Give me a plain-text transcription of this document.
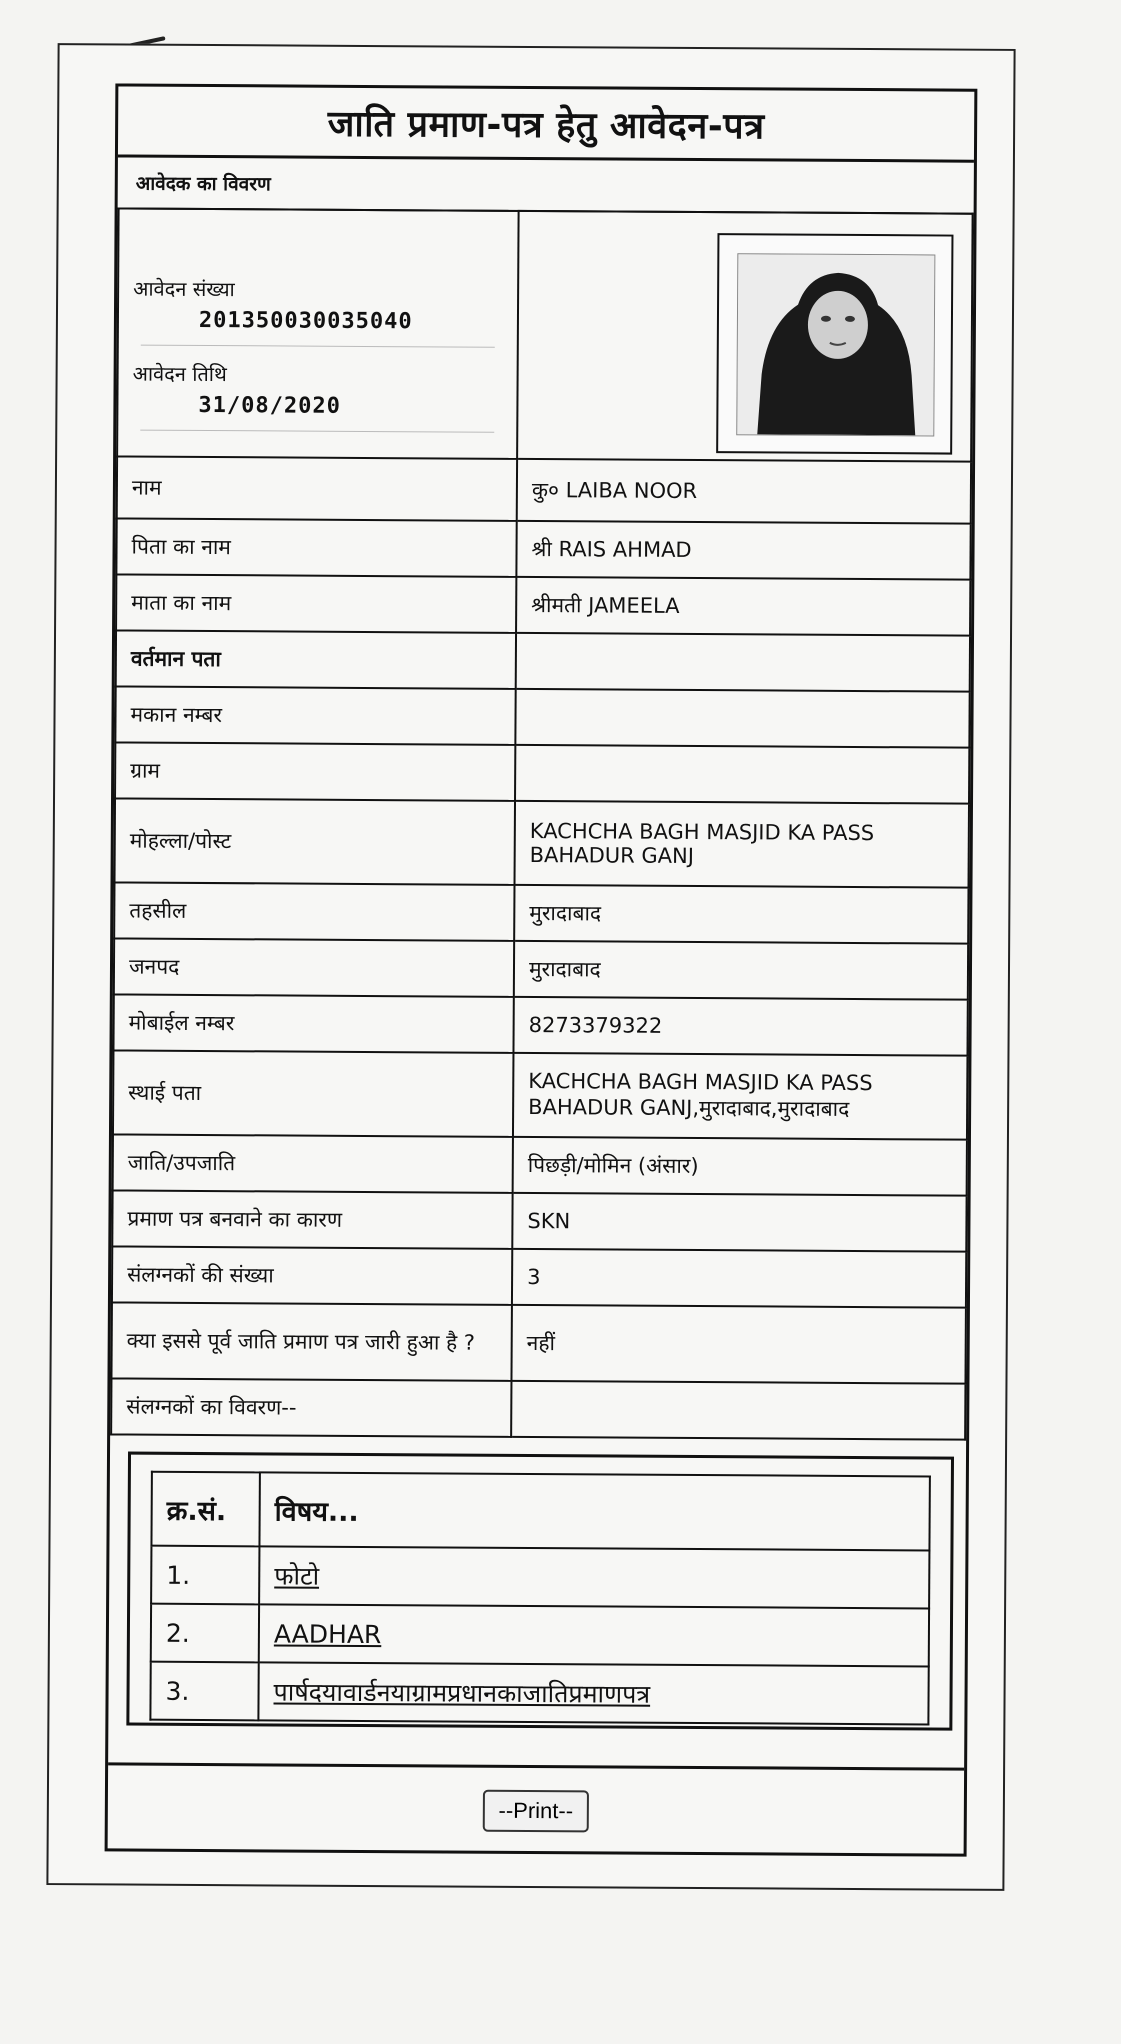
जाति प्रमाण-पत्र हेतु आवेदन-पत्र
आवेदक का विवरण
आवेदन संख्या
201350030035040
आवेदन तिथि
31/08/2020

नाम	कु० LAIBA NOOR
पिता का नाम	श्री RAIS AHMAD
माता का नाम	श्रीमती JAMEELA
वर्तमान पता	
मकान नम्बर	
ग्राम	
मोहल्ला/पोस्ट	KACHCHA BAGH MASJID KA PASS BAHADUR GANJ
तहसील	मुरादाबाद
जनपद	मुरादाबाद
मोबाईल नम्बर	8273379322
स्थाई पता	KACHCHA BAGH MASJID KA PASS BAHADUR GANJ,मुरादाबाद,मुरादाबाद
जाति/उपजाति	पिछड़ी/मोमिन (अंसार)
प्रमाण पत्र बनवाने का कारण	SKN
संलग्नकों की संख्या	3
क्या इससे पूर्व जाति प्रमाण पत्र जारी हुआ है ?	नहीं
संलग्नकों का विवरण--	
क्र.सं.	विषय...
1.	फोटो
2.	AADHAR
3.	पार्षदयावार्डनयाग्रामप्रधानकाजातिप्रमाणपत्र
--Print--
